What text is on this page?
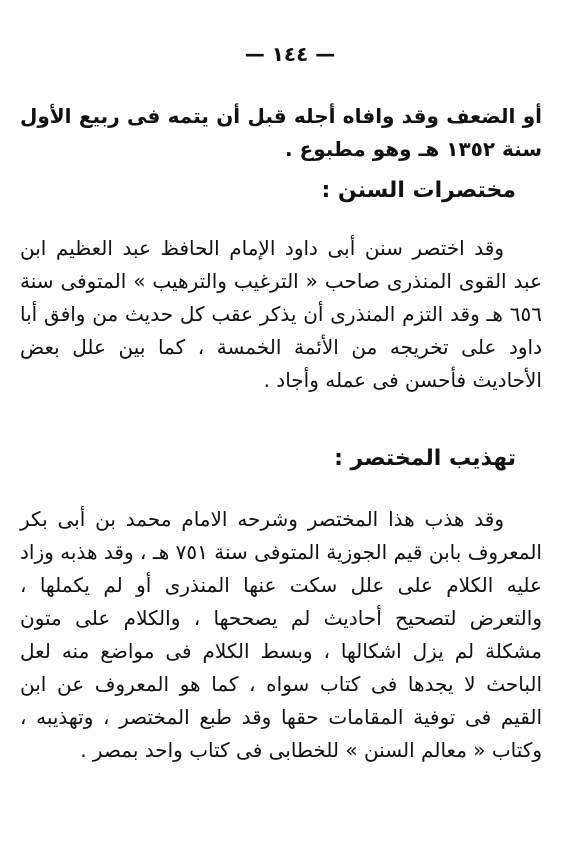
— ١٤٤ —

أو الضعف وقد وافاه أجله قبل أن يتمه فى ربيع الأول سنة ١٣٥٢ هـ وهو مطبوع .

مختصرات السنن :

وقد اختصر سنن أبى داود الإمام الحافظ عبد العظيم ابن عبد القوى المنذرى صاحب « الترغيب والترهيب » المتوفى سنة ٦٥٦ هـ وقد التزم المنذرى أن يذكر عقب كل حديث من وافق أبا داود على تخريجه من الأئمة الخمسة ، كما بين علل بعض الأحاديث فأحسن فى عمله وأجاد .

تهذيب المختصر :

وقد هذب هذا المختصر وشرحه الامام محمد بن أبى بكر المعروف بابن قيم الجوزية المتوفى سنة ٧٥١ هـ ، وقد هذبه وزاد عليه الكلام على علل سكت عنها المنذرى أو لم يكملها ، والتعرض لتصحيح أحاديث لم يصححها ، والكلام على متون مشكلة لم يزل اشكالها ، وبسط الكلام فى مواضع منه لعل الباحث لا يجدها فى كتاب سواه ، كما هو المعروف عن ابن القيم فى توفية المقامات حقها وقد طبع المختصر ، وتهذيبه ، وكتاب « معالم السنن » للخطابى فى كتاب واحد بمصر .
